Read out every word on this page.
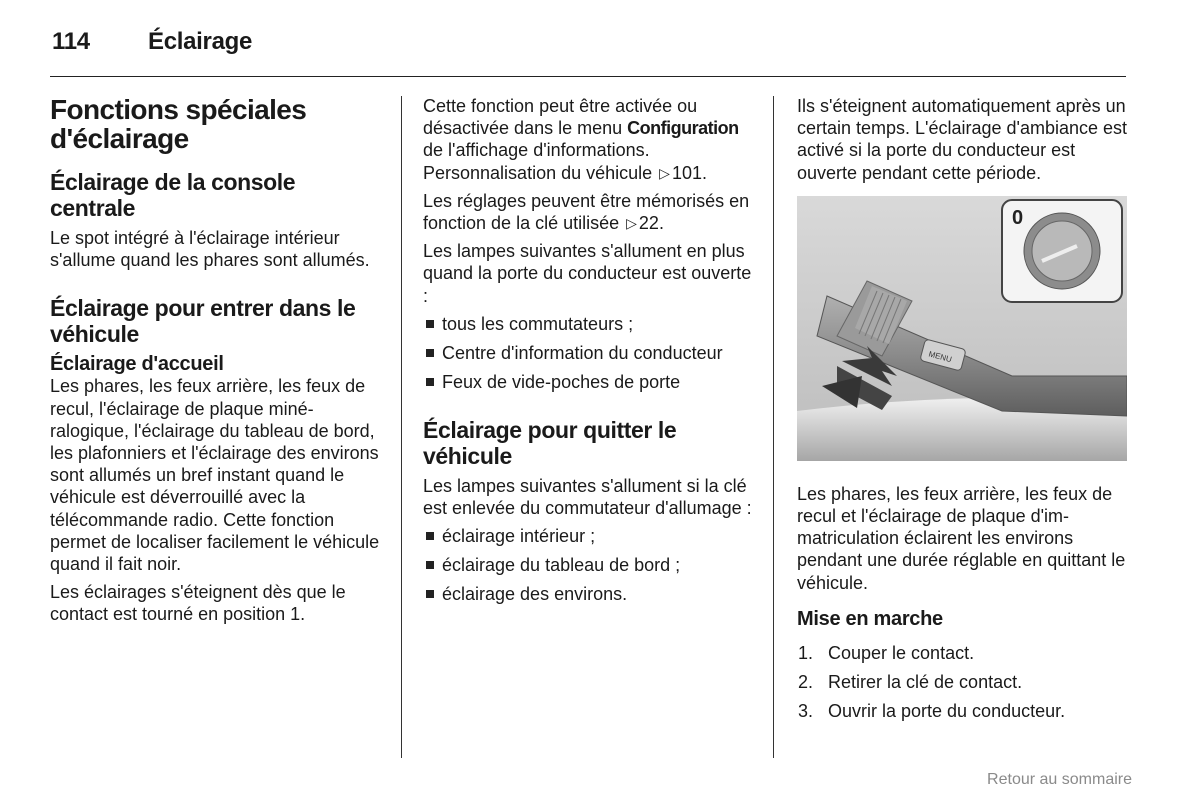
114 Éclairage
Fonctions spéciales d'éclairage
Éclairage de la console centrale

Le spot intégré à l'éclairage intérieur s'allume quand les phares sont allumés.

Éclairage pour entrer dans le véhicule
Éclairage d'accueil

Les phares, les feux arrière, les feux de recul, l'éclairage de plaque minéralogique, l'éclairage du tableau de bord, les plafonniers et l'éclairage des environs sont allumés un bref instant quand le véhicule est déverrouillé avec la télécommande radio. Cette fonction permet de localiser facilement le véhicule quand il fait noir.

Les éclairages s'éteignent dès que le contact est tourné en position 1.

Cette fonction peut être activée ou désactivée dans le menu Configuration de l'affichage d'informations. Personnalisation du véhicule ▷ 101.

Les réglages peuvent être mémorisés en fonction de la clé utilisée ▷ 22.

Les lampes suivantes s'allument en plus quand la porte du conducteur est ouverte :

tous les commutateurs ;
Centre d'information du conducteur
Feux de vide-poches de porte
Éclairage pour quitter le véhicule

Les lampes suivantes s'allument si la clé est enlevée du commutateur d'allumage :

éclairage intérieur ;
éclairage du tableau de bord ;
éclairage des environs.

Ils s'éteignent automatiquement après un certain temps. L'éclairage d'ambiance est activé si la porte du conducteur est ouverte pendant cette période.

MENU
0

Les phares, les feux arrière, les feux de recul et l'éclairage de plaque d'immatriculation éclairent les environs pendant une durée réglable en quittant le véhicule.

Mise en marche
1. Couper le contact.
2. Retirer la clé de contact.
3. Ouvrir la porte du conducteur.
Retour au sommaire
